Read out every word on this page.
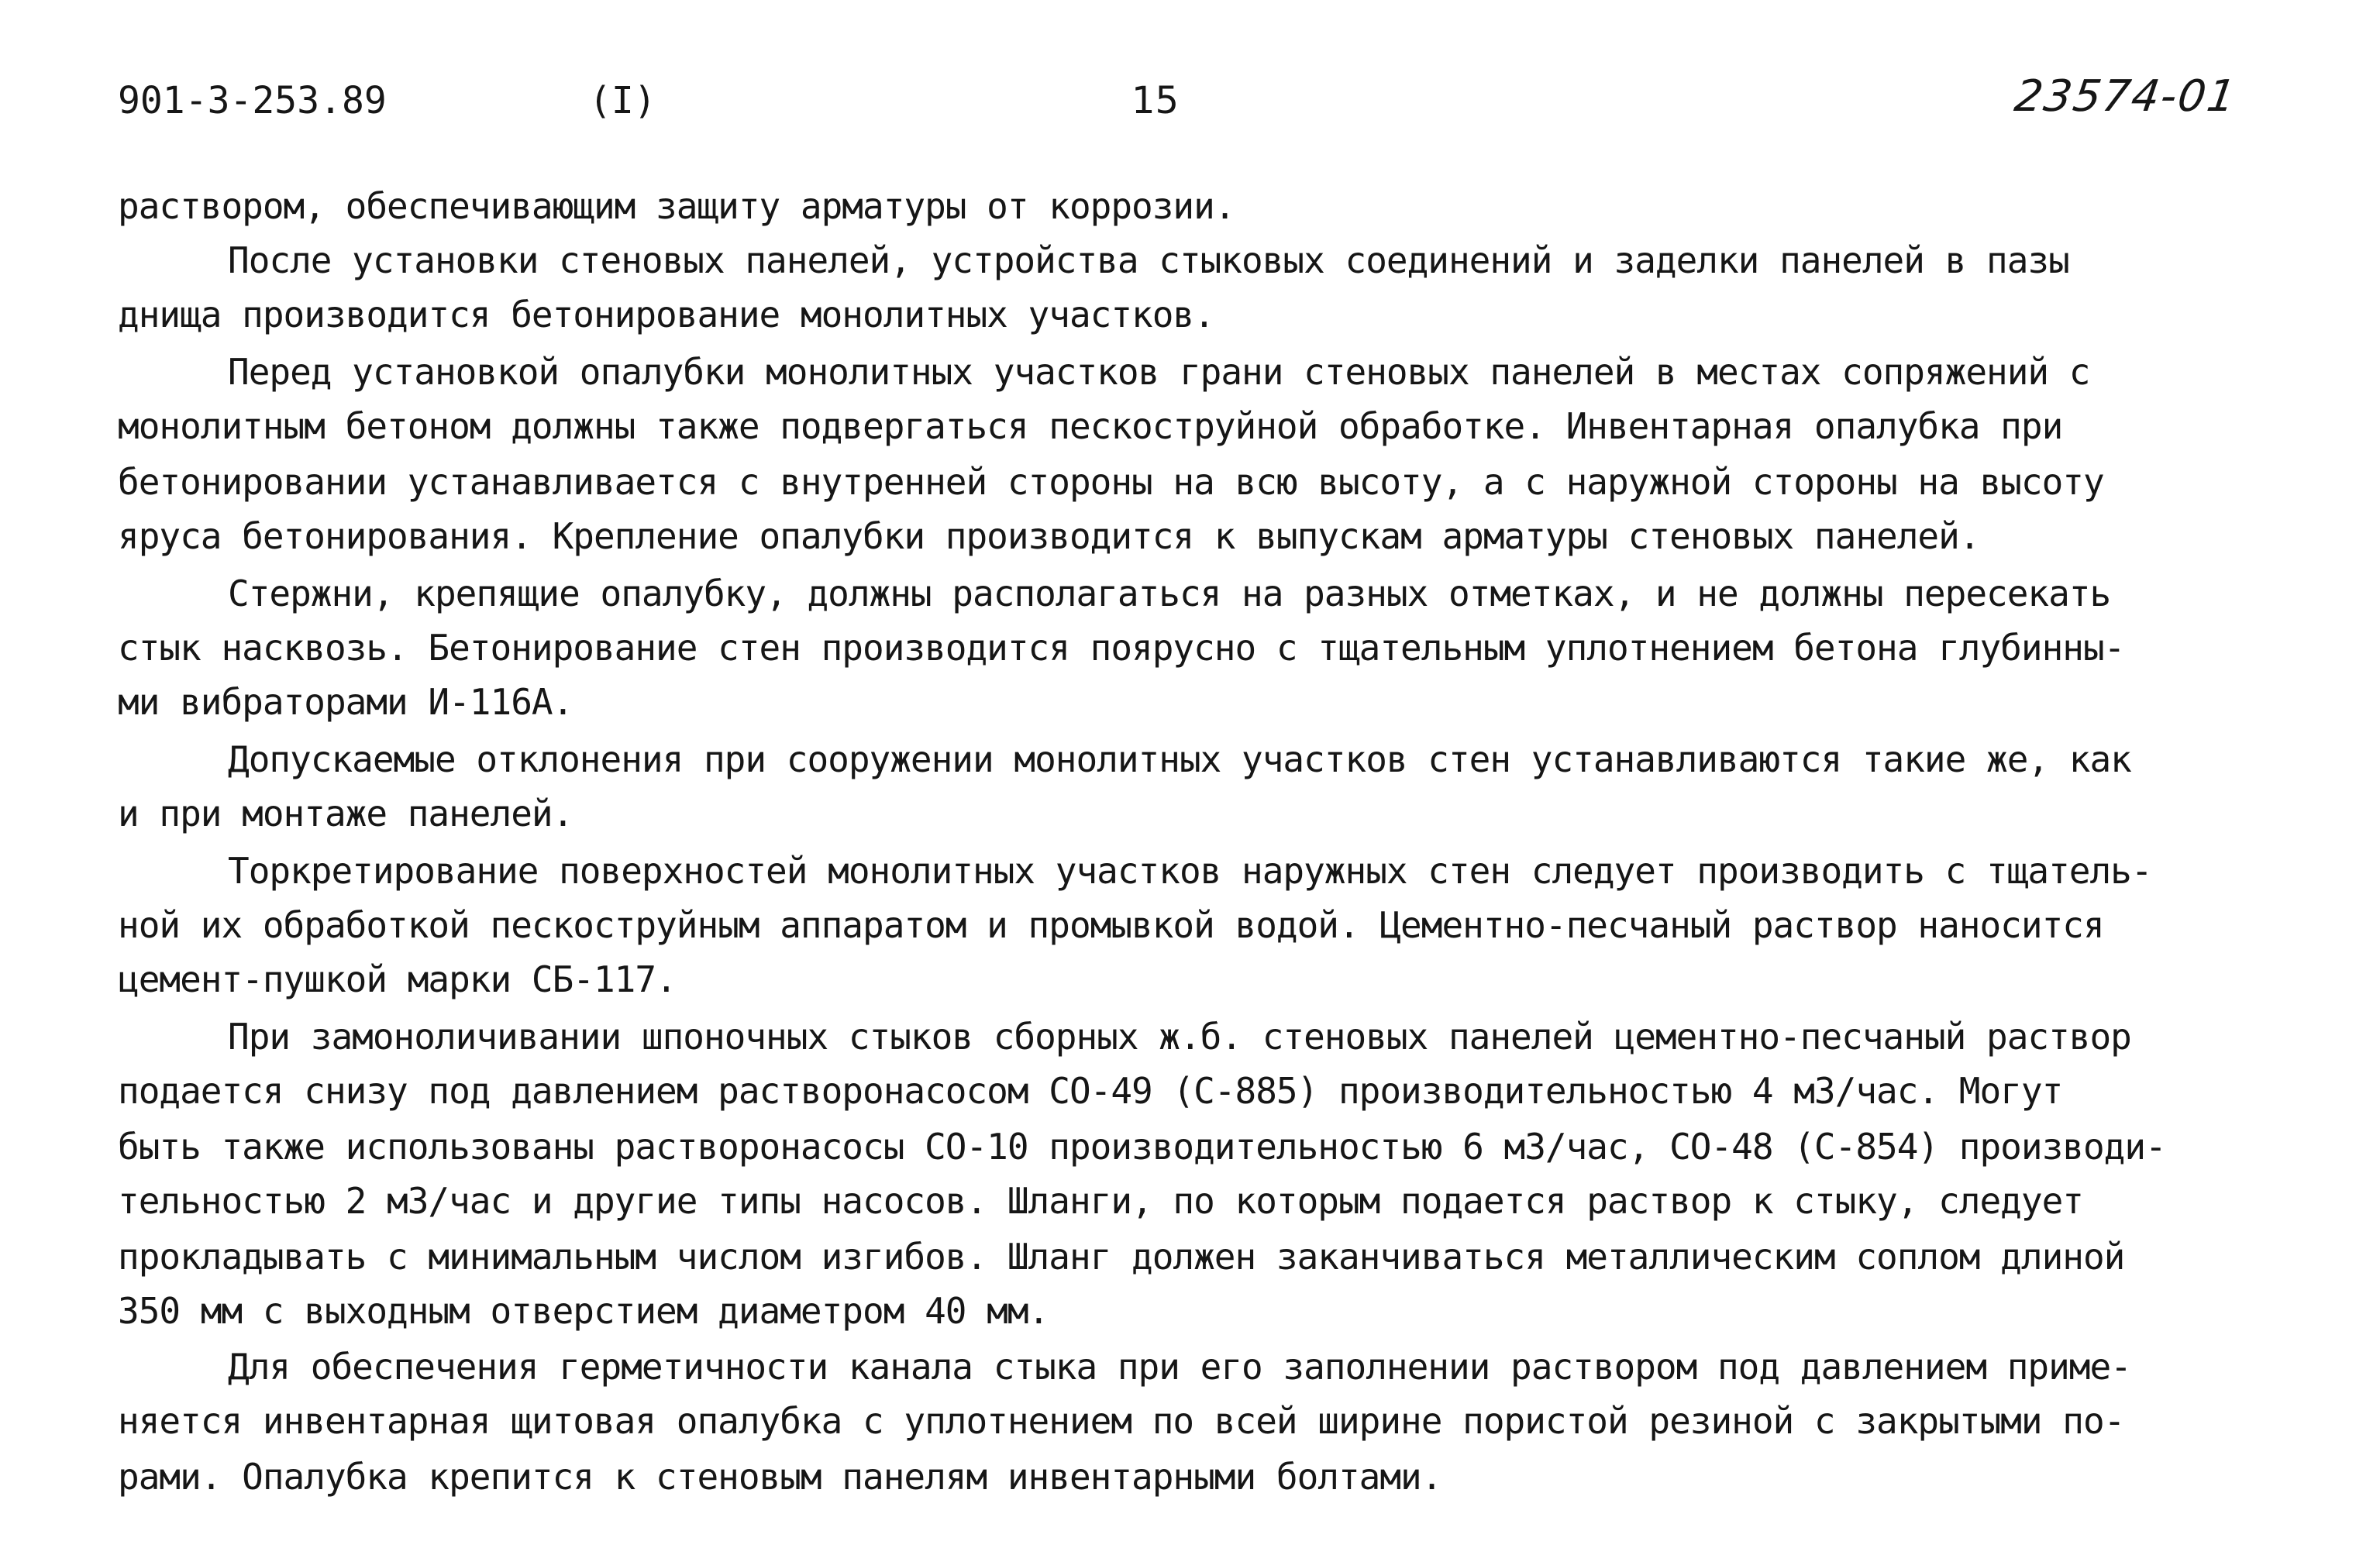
901-3-253.89	(I)	15	23574-01
раствором, обеспечивающим защиту арматуры от коррозии.
После установки стеновых панелей, устройства стыковых соединений и заделки панелей в пазы
днища производится бетонирование монолитных участков.
Перед установкой опалубки монолитных участков грани стеновых панелей в местах сопряжений с
монолитным бетоном должны также подвергаться пескоструйной обработке. Инвентарная опалубка при
бетонировании устанавливается с внутренней стороны на всю высоту, а с наружной стороны на высоту
яруса бетонирования. Крепление опалубки производится к выпускам арматуры стеновых панелей.
Стержни, крепящие опалубку, должны располагаться на разных отметках, и не должны пересекать
стык насквозь. Бетонирование стен производится поярусно с тщательным уплотнением бетона глубинны-
ми вибраторами И-116А.
Допускаемые отклонения при сооружении монолитных участков стен устанавливаются такие же, как
и при монтаже панелей.
Торкретирование поверхностей монолитных участков наружных стен следует производить с тщатель-
ной их обработкой пескоструйным аппаратом и промывкой водой. Цементно-песчаный раствор наносится
цемент-пушкой марки СБ-117.
При замоноличивании шпоночных стыков сборных ж.б. стеновых панелей цементно-песчаный раствор
подается снизу под давлением растворонасосом СО-49 (С-885) производительностью 4 м3/час. Могут
быть также использованы растворонасосы СО-10 производительностью 6 м3/час, СО-48 (С-854) производи-
тельностью 2 м3/час и другие типы насосов. Шланги, по которым подается раствор к стыку, следует
прокладывать с минимальным числом изгибов. Шланг должен заканчиваться металлическим соплом длиной
350 мм с выходным отверстием диаметром 40 мм.
Для обеспечения герметичности канала стыка при его заполнении раствором под давлением приме-
няется инвентарная щитовая опалубка с уплотнением по всей ширине пористой резиной с закрытыми по-
рами. Опалубка крепится к стеновым панелям инвентарными болтами.
